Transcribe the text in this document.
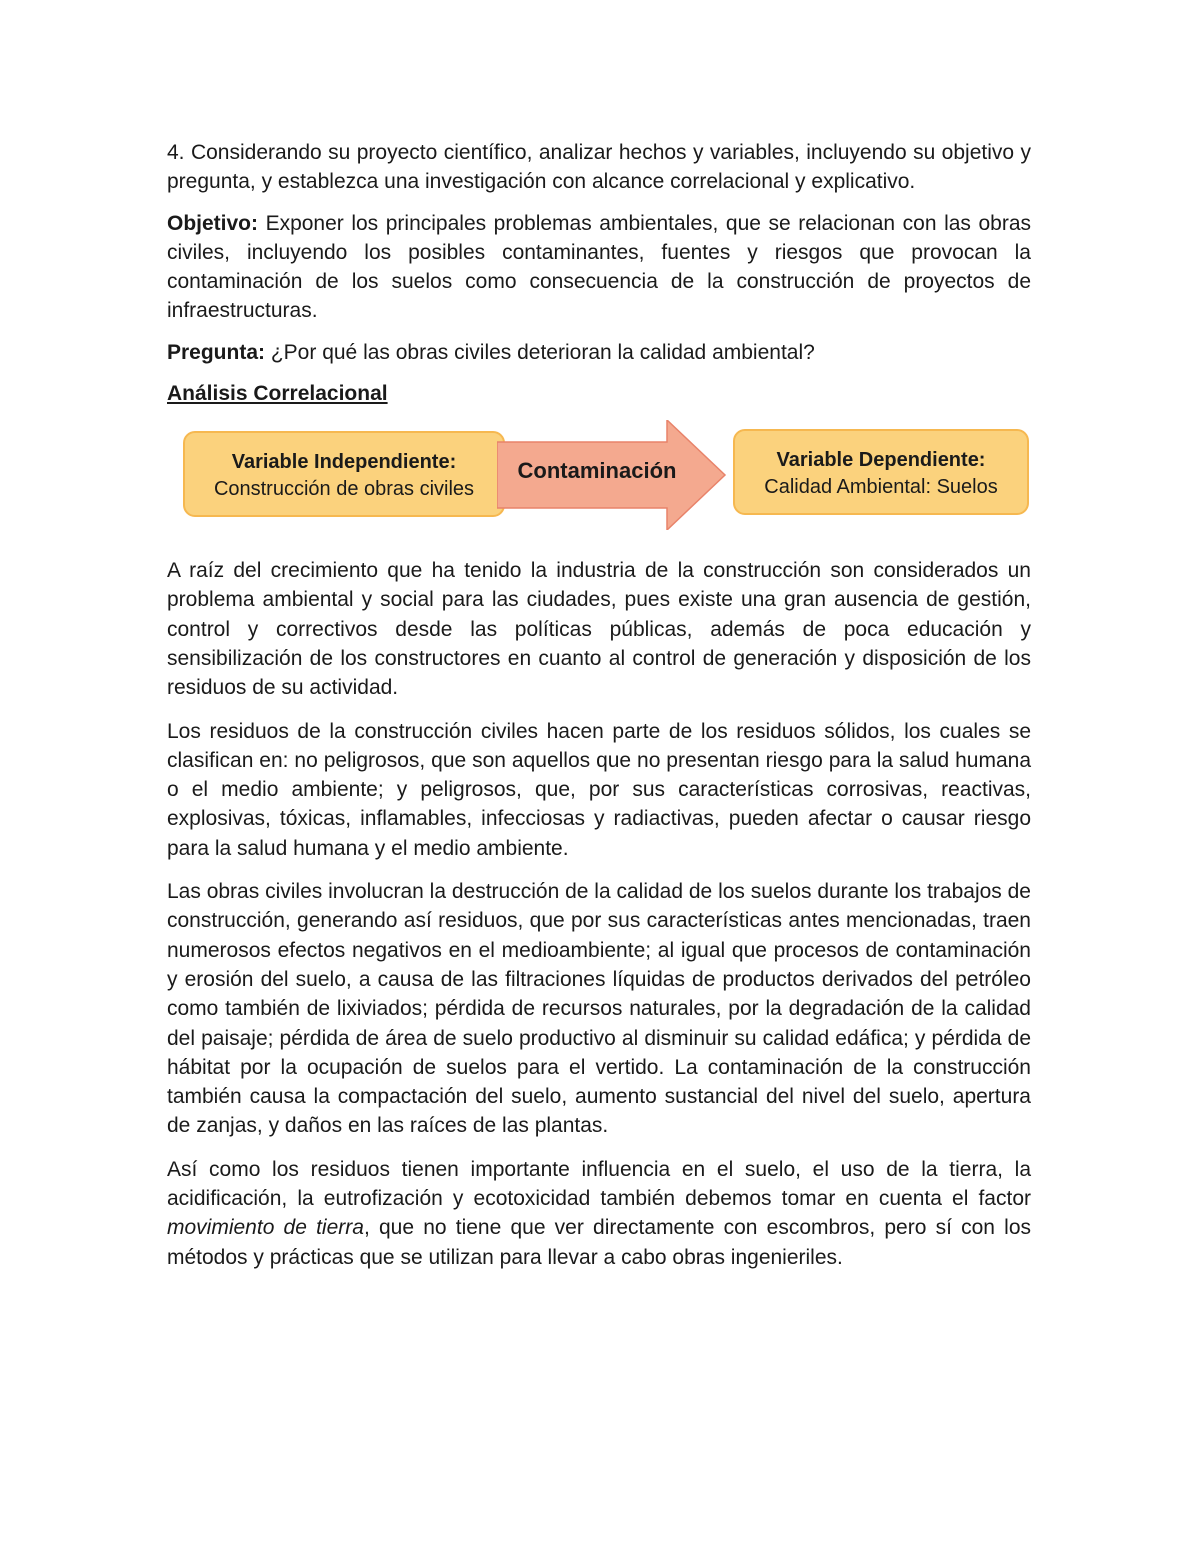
4. Considerando su proyecto científico, analizar hechos y variables, incluyendo su objetivo y pregunta, y establezca una investigación con alcance correlacional y explicativo.

Objetivo: Exponer los principales problemas ambientales, que se relacionan con las obras civiles, incluyendo los posibles contaminantes, fuentes y riesgos que provocan la contaminación de los suelos como consecuencia de la construcción de proyectos de infraestructuras.

Pregunta: ¿Por qué las obras civiles deterioran la calidad ambiental?

Análisis Correlacional
Variable Independiente:
Construcción de obras civiles
Contaminación	Variable Dependiente:
Calidad Ambiental: Suelos

A raíz del crecimiento que ha tenido la industria de la construcción son considerados un problema ambiental y social para las ciudades, pues existe una gran ausencia de gestión, control y correctivos desde las políticas públicas, además de poca educación y sensibilización de los constructores en cuanto al control de generación y disposición de los residuos de su actividad.

Los residuos de la construcción civiles hacen parte de los residuos sólidos, los cuales se clasifican en: no peligrosos, que son aquellos que no presentan riesgo para la salud humana o el medio ambiente; y peligrosos, que, por sus características corrosivas, reactivas, explosivas, tóxicas, inflamables, infecciosas y radiactivas, pueden afectar o causar riesgo para la salud humana y el medio ambiente.

Las obras civiles involucran la destrucción de la calidad de los suelos durante los trabajos de construcción, generando así residuos, que por sus características antes mencionadas, traen numerosos efectos negativos en el medioambiente; al igual que procesos de contaminación y erosión del suelo, a causa de las filtraciones líquidas de productos derivados del petróleo como también de lixiviados; pérdida de recursos naturales, por la degradación de la calidad del paisaje; pérdida de área de suelo productivo al disminuir su calidad edáfica; y pérdida de hábitat por la ocupación de suelos para el vertido. La contaminación de la construcción también causa la compactación del suelo, aumento sustancial del nivel del suelo, apertura de zanjas, y daños en las raíces de las plantas.

Así como los residuos tienen importante influencia en el suelo, el uso de la tierra, la acidificación, la eutrofización y ecotoxicidad también debemos tomar en cuenta el factor movimiento de tierra, que no tiene que ver directamente con escombros, pero sí con los métodos y prácticas que se utilizan para llevar a cabo obras ingenieriles.
